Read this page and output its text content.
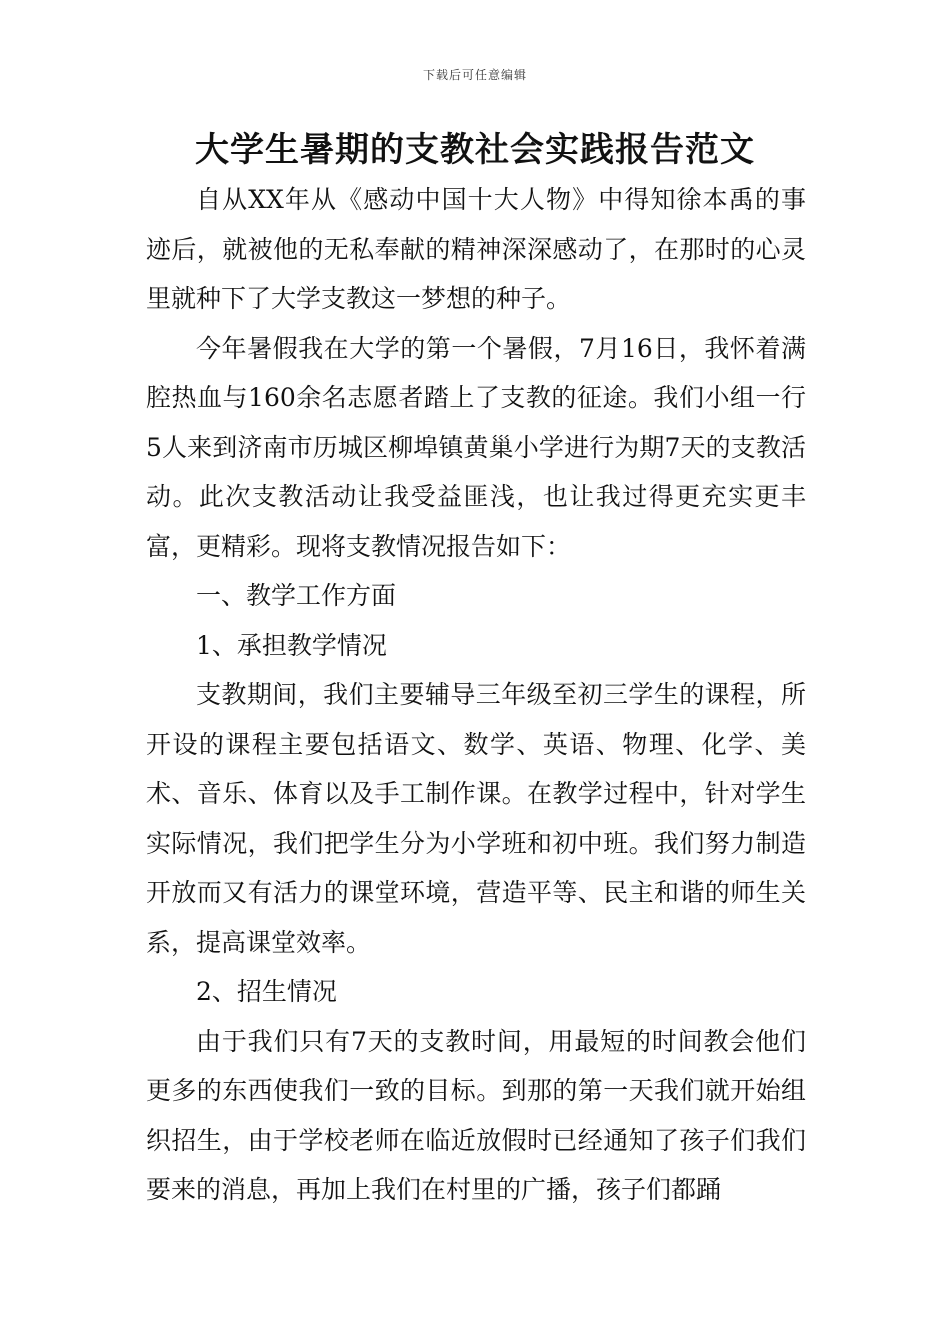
下载后可任意编辑
大学生暑期的支教社会实践报告范文

自从XX年从《感动中国十大人物》中得知徐本禹的事迹后，就被他的无私奉献的精神深深感动了，在那时的心灵里就种下了大学支教这一梦想的种子。

今年暑假我在大学的第一个暑假，7月16日，我怀着满腔热血与160余名志愿者踏上了支教的征途。我们小组一行5人来到济南市历城区柳埠镇黄巢小学进行为期7天的支教活动。此次支教活动让我受益匪浅，也让我过得更充实更丰富，更精彩。现将支教情况报告如下：

一、教学工作方面

1、承担教学情况

支教期间，我们主要辅导三年级至初三学生的课程，所开设的课程主要包括语文、数学、英语、物理、化学、美术、音乐、体育以及手工制作课。在教学过程中，针对学生实际情况，我们把学生分为小学班和初中班。我们努力制造开放而又有活力的课堂环境，营造平等、民主和谐的师生关系，提高课堂效率。

2、招生情况

由于我们只有7天的支教时间，用最短的时间教会他们更多的东西使我们一致的目标。到那的第一天我们就开始组织招生，由于学校老师在临近放假时已经通知了孩子们我们要来的消息，再加上我们在村里的广播，孩子们都踊
